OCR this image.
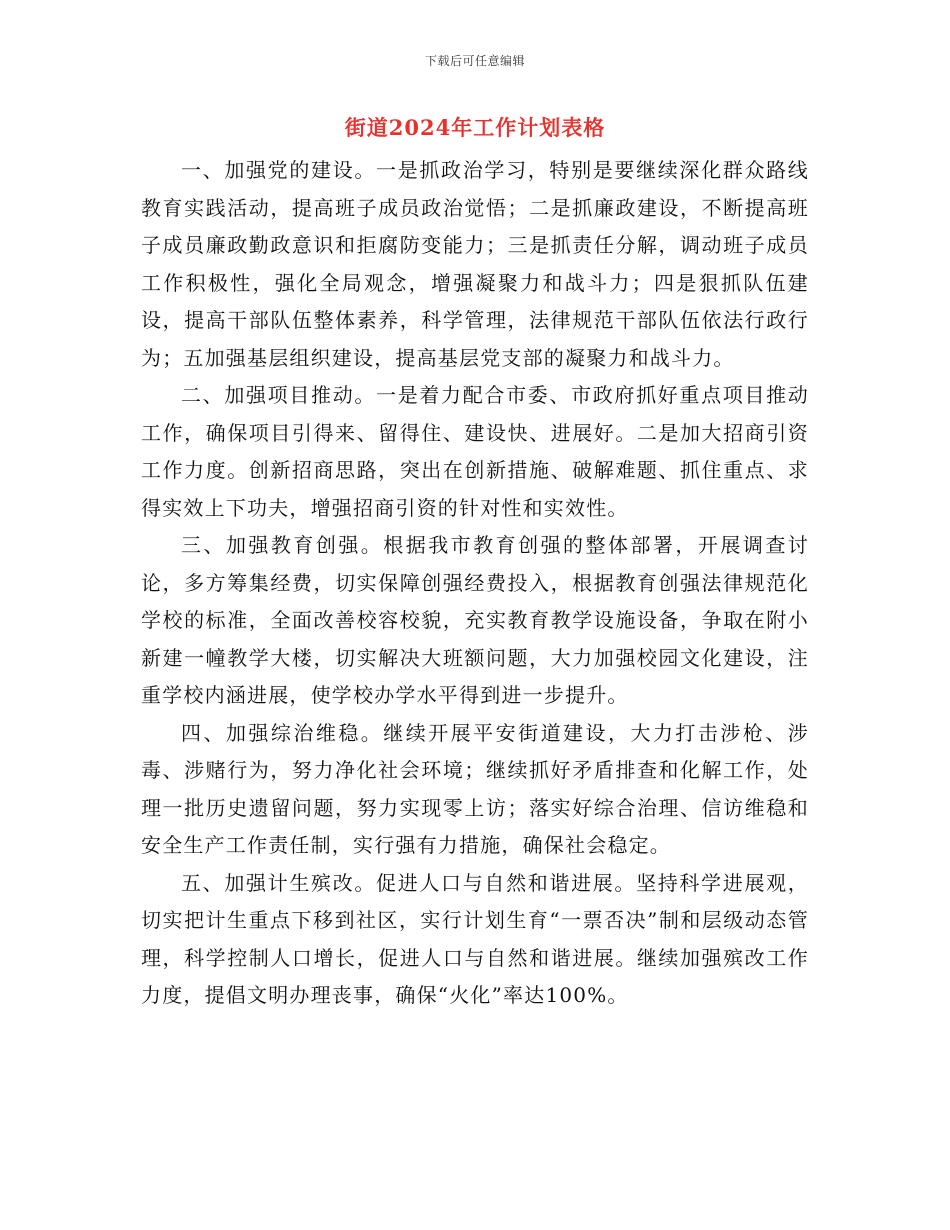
下载后可任意编辑
街道2024年工作计划表格

一、加强党的建设。一是抓政治学习，特别是要继续深化群众路线教育实践活动，提高班子成员政治觉悟；二是抓廉政建设，不断提高班子成员廉政勤政意识和拒腐防变能力；三是抓责任分解，调动班子成员工作积极性，强化全局观念，增强凝聚力和战斗力；四是狠抓队伍建设，提高干部队伍整体素养，科学管理，法律规范干部队伍依法行政行为；五加强基层组织建设，提高基层党支部的凝聚力和战斗力。

二、加强项目推动。一是着力配合市委、市政府抓好重点项目推动工作，确保项目引得来、留得住、建设快、进展好。二是加大招商引资工作力度。创新招商思路，突出在创新措施、破解难题、抓住重点、求得实效上下功夫，增强招商引资的针对性和实效性。

三、加强教育创强。根据我市教育创强的整体部署，开展调查讨论，多方筹集经费，切实保障创强经费投入，根据教育创强法律规范化学校的标准，全面改善校容校貌，充实教育教学设施设备，争取在附小新建一幢教学大楼，切实解决大班额问题，大力加强校园文化建设，注重学校内涵进展，使学校办学水平得到进一步提升。

四、加强综治维稳。继续开展平安街道建设，大力打击涉枪、涉毒、涉赌行为，努力净化社会环境；继续抓好矛盾排查和化解工作，处理一批历史遗留问题，努力实现零上访；落实好综合治理、信访维稳和安全生产工作责任制，实行强有力措施，确保社会稳定。

五、加强计生殡改。促进人口与自然和谐进展。坚持科学进展观，切实把计生重点下移到社区，实行计划生育“一票否决”制和层级动态管理，科学控制人口增长，促进人口与自然和谐进展。继续加强殡改工作力度，提倡文明办理丧事，确保“火化”率达100%。
